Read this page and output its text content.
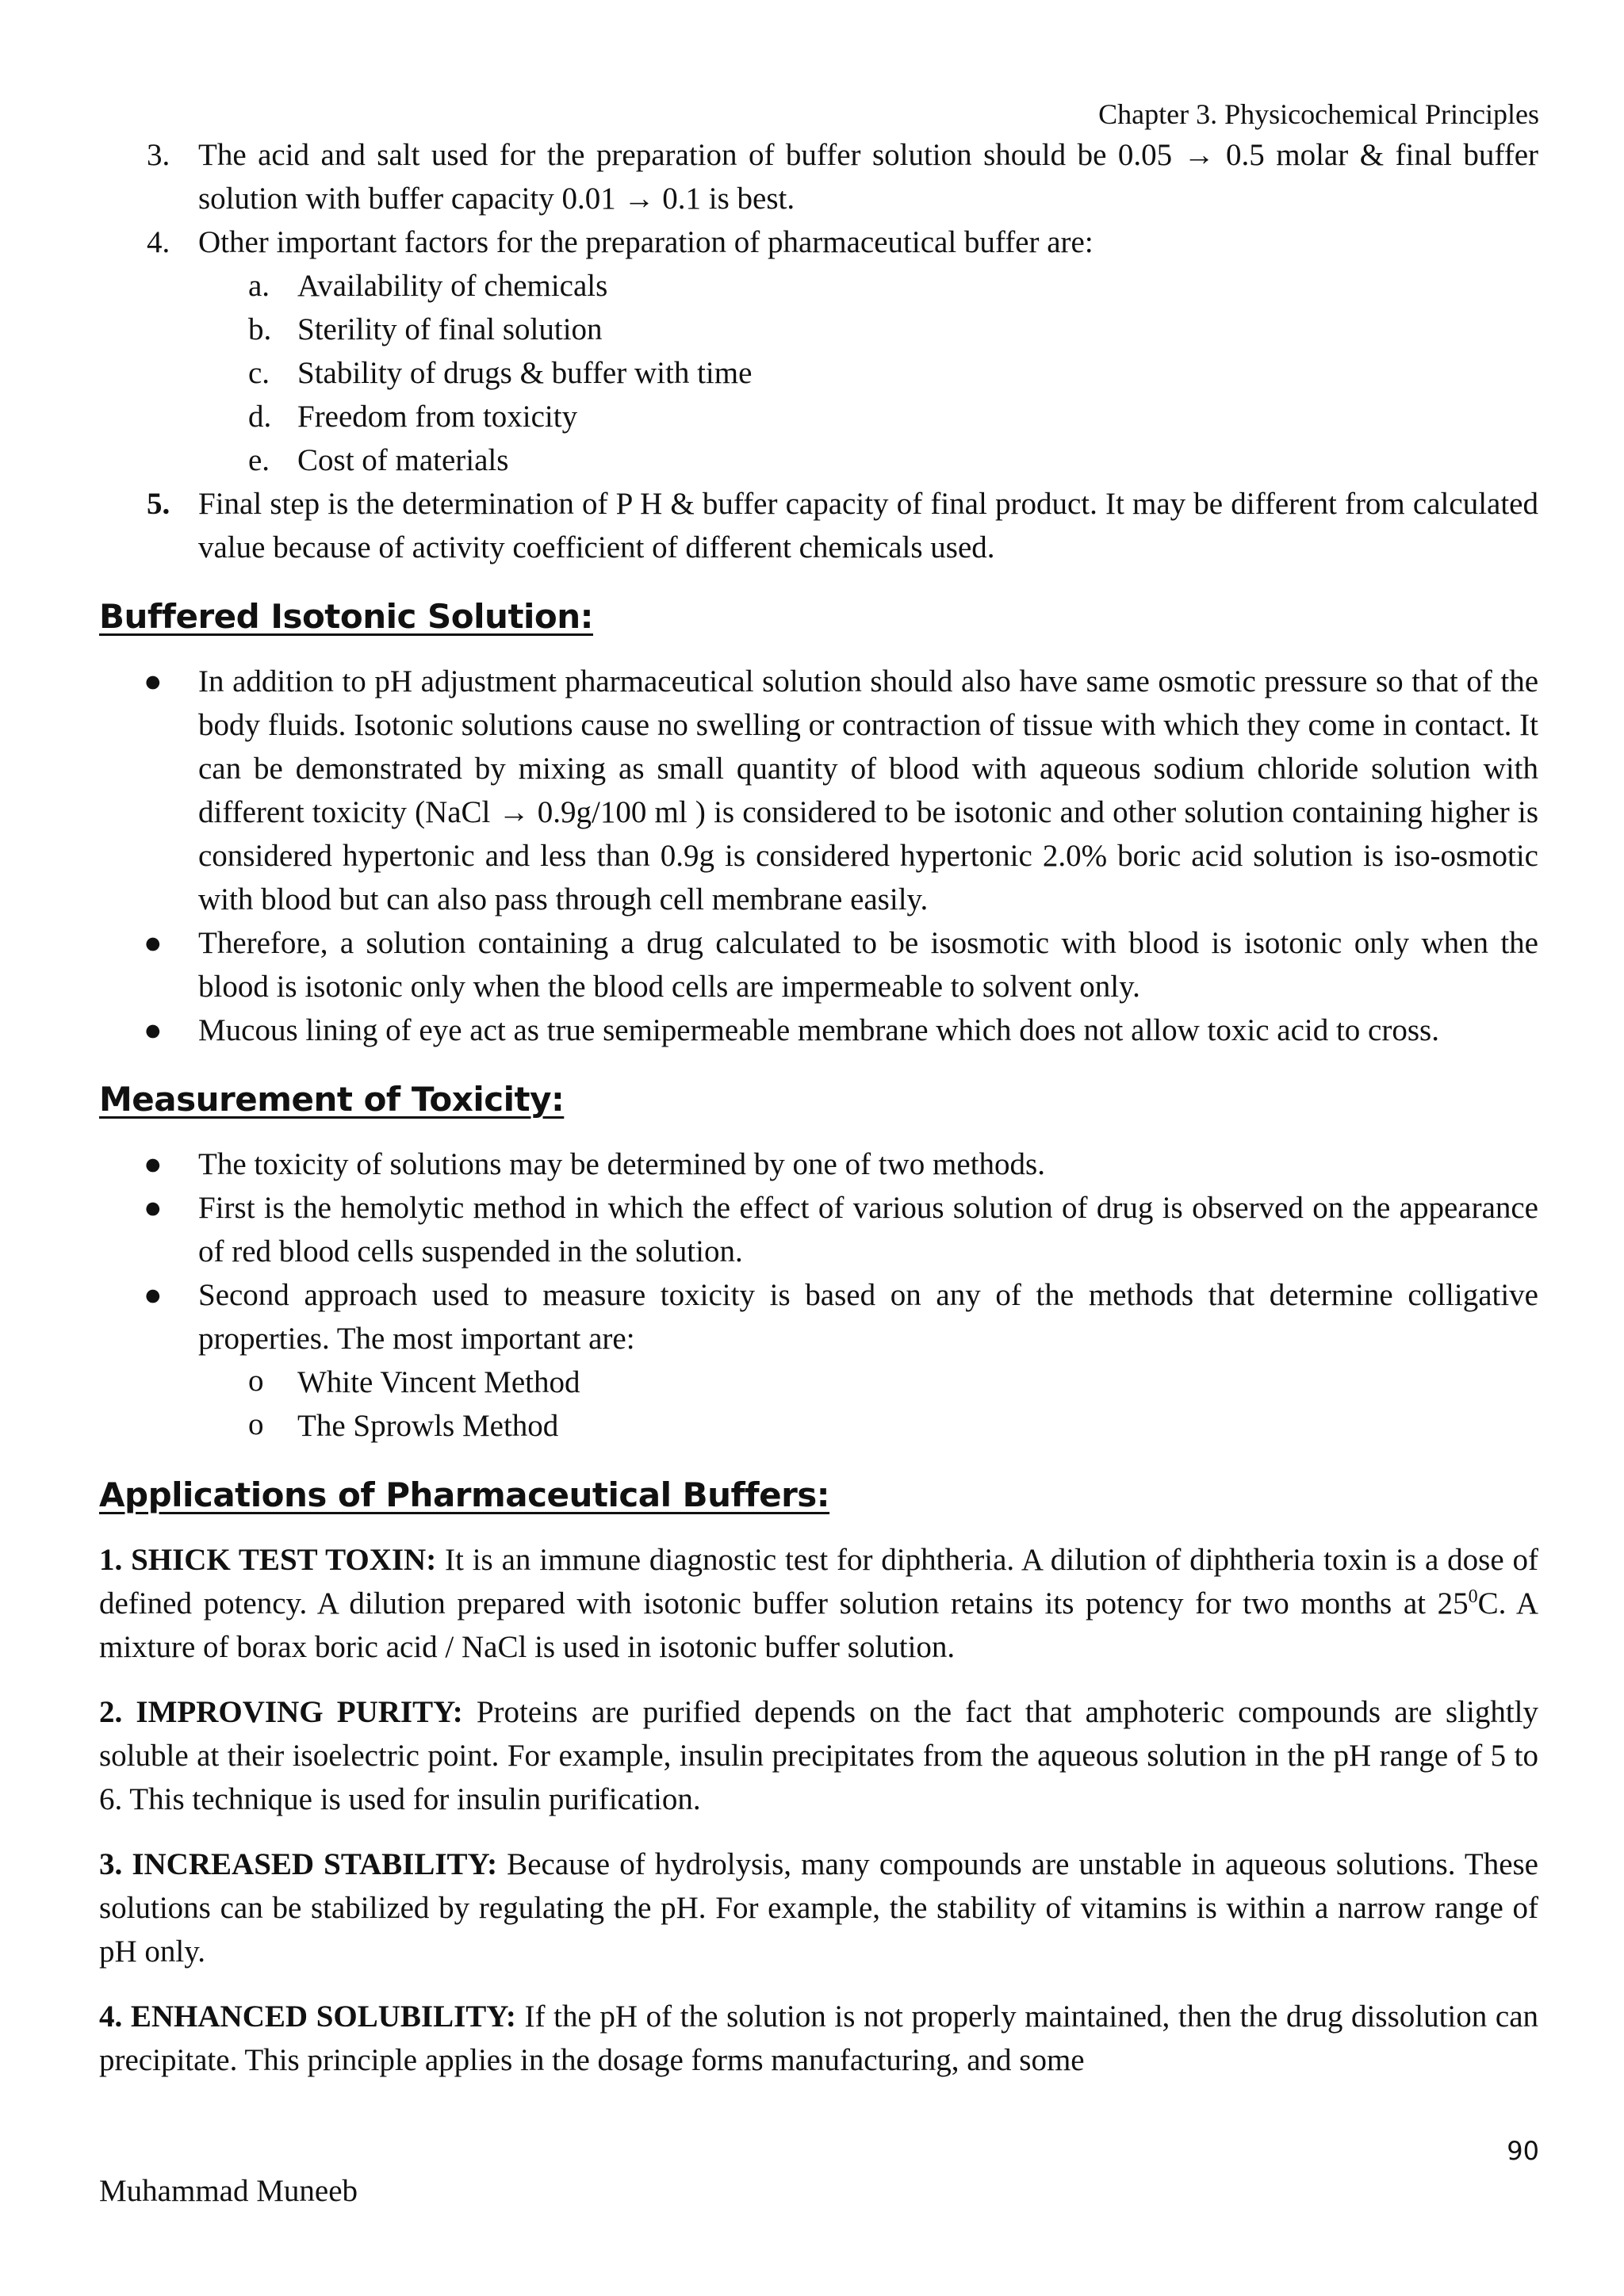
Chapter 3. Physicochemical Principles
3. The acid and salt used for the preparation of buffer solution should be 0.05 → 0.5 molar & final buffer solution with buffer capacity 0.01 → 0.1 is best.
4. Other important factors for the preparation of pharmaceutical buffer are:
a. Availability of chemicals
b. Sterility of final solution
c. Stability of drugs & buffer with time
d. Freedom from toxicity
e. Cost of materials
5. Final step is the determination of P H & buffer capacity of final product. It may be different from calculated value because of activity coefficient of different chemicals used.
Buffered Isotonic Solution:
● In addition to pH adjustment pharmaceutical solution should also have same osmotic pressure so that of the body fluids. Isotonic solutions cause no swelling or contraction of tissue with which they come in contact. It can be demonstrated by mixing as small quantity of blood with aqueous sodium chloride solution with different toxicity (NaCl → 0.9g/100 ml ) is considered to be isotonic and other solution containing higher is considered hypertonic and less than 0.9g is considered hypertonic 2.0% boric acid solution is iso-osmotic with blood but can also pass through cell membrane easily.
● Therefore, a solution containing a drug calculated to be isosmotic with blood is isotonic only when the blood is isotonic only when the blood cells are impermeable to solvent only.
● Mucous lining of eye act as true semipermeable membrane which does not allow toxic acid to cross.
Measurement of Toxicity:
● The toxicity of solutions may be determined by one of two methods.
● First is the hemolytic method in which the effect of various solution of drug is observed on the appearance of red blood cells suspended in the solution.
● Second approach used to measure toxicity is based on any of the methods that determine colligative properties. The most important are:
o White Vincent Method
o The Sprowls Method
Applications of Pharmaceutical Buffers:

1. SHICK TEST TOXIN: It is an immune diagnostic test for diphtheria. A dilution of diphtheria toxin is a dose of defined potency. A dilution prepared with isotonic buffer solution retains its potency for two months at $25^0C$. A mixture of borax boric acid / NaCl is used in isotonic buffer solution.

2. IMPROVING PURITY: Proteins are purified depends on the fact that amphoteric compounds are slightly soluble at their isoelectric point. For example, insulin precipitates from the aqueous solution in the pH range of 5 to 6. This technique is used for insulin purification.

3. INCREASED STABILITY: Because of hydrolysis, many compounds are unstable in aqueous solutions. These solutions can be stabilized by regulating the pH. For example, the stability of vitamins is within a narrow range of pH only.

4. ENHANCED SOLUBILITY: If the pH of the solution is not properly maintained, then the drug dissolution can precipitate. This principle applies in the dosage forms manufacturing, and some

90
Muhammad Muneeb
